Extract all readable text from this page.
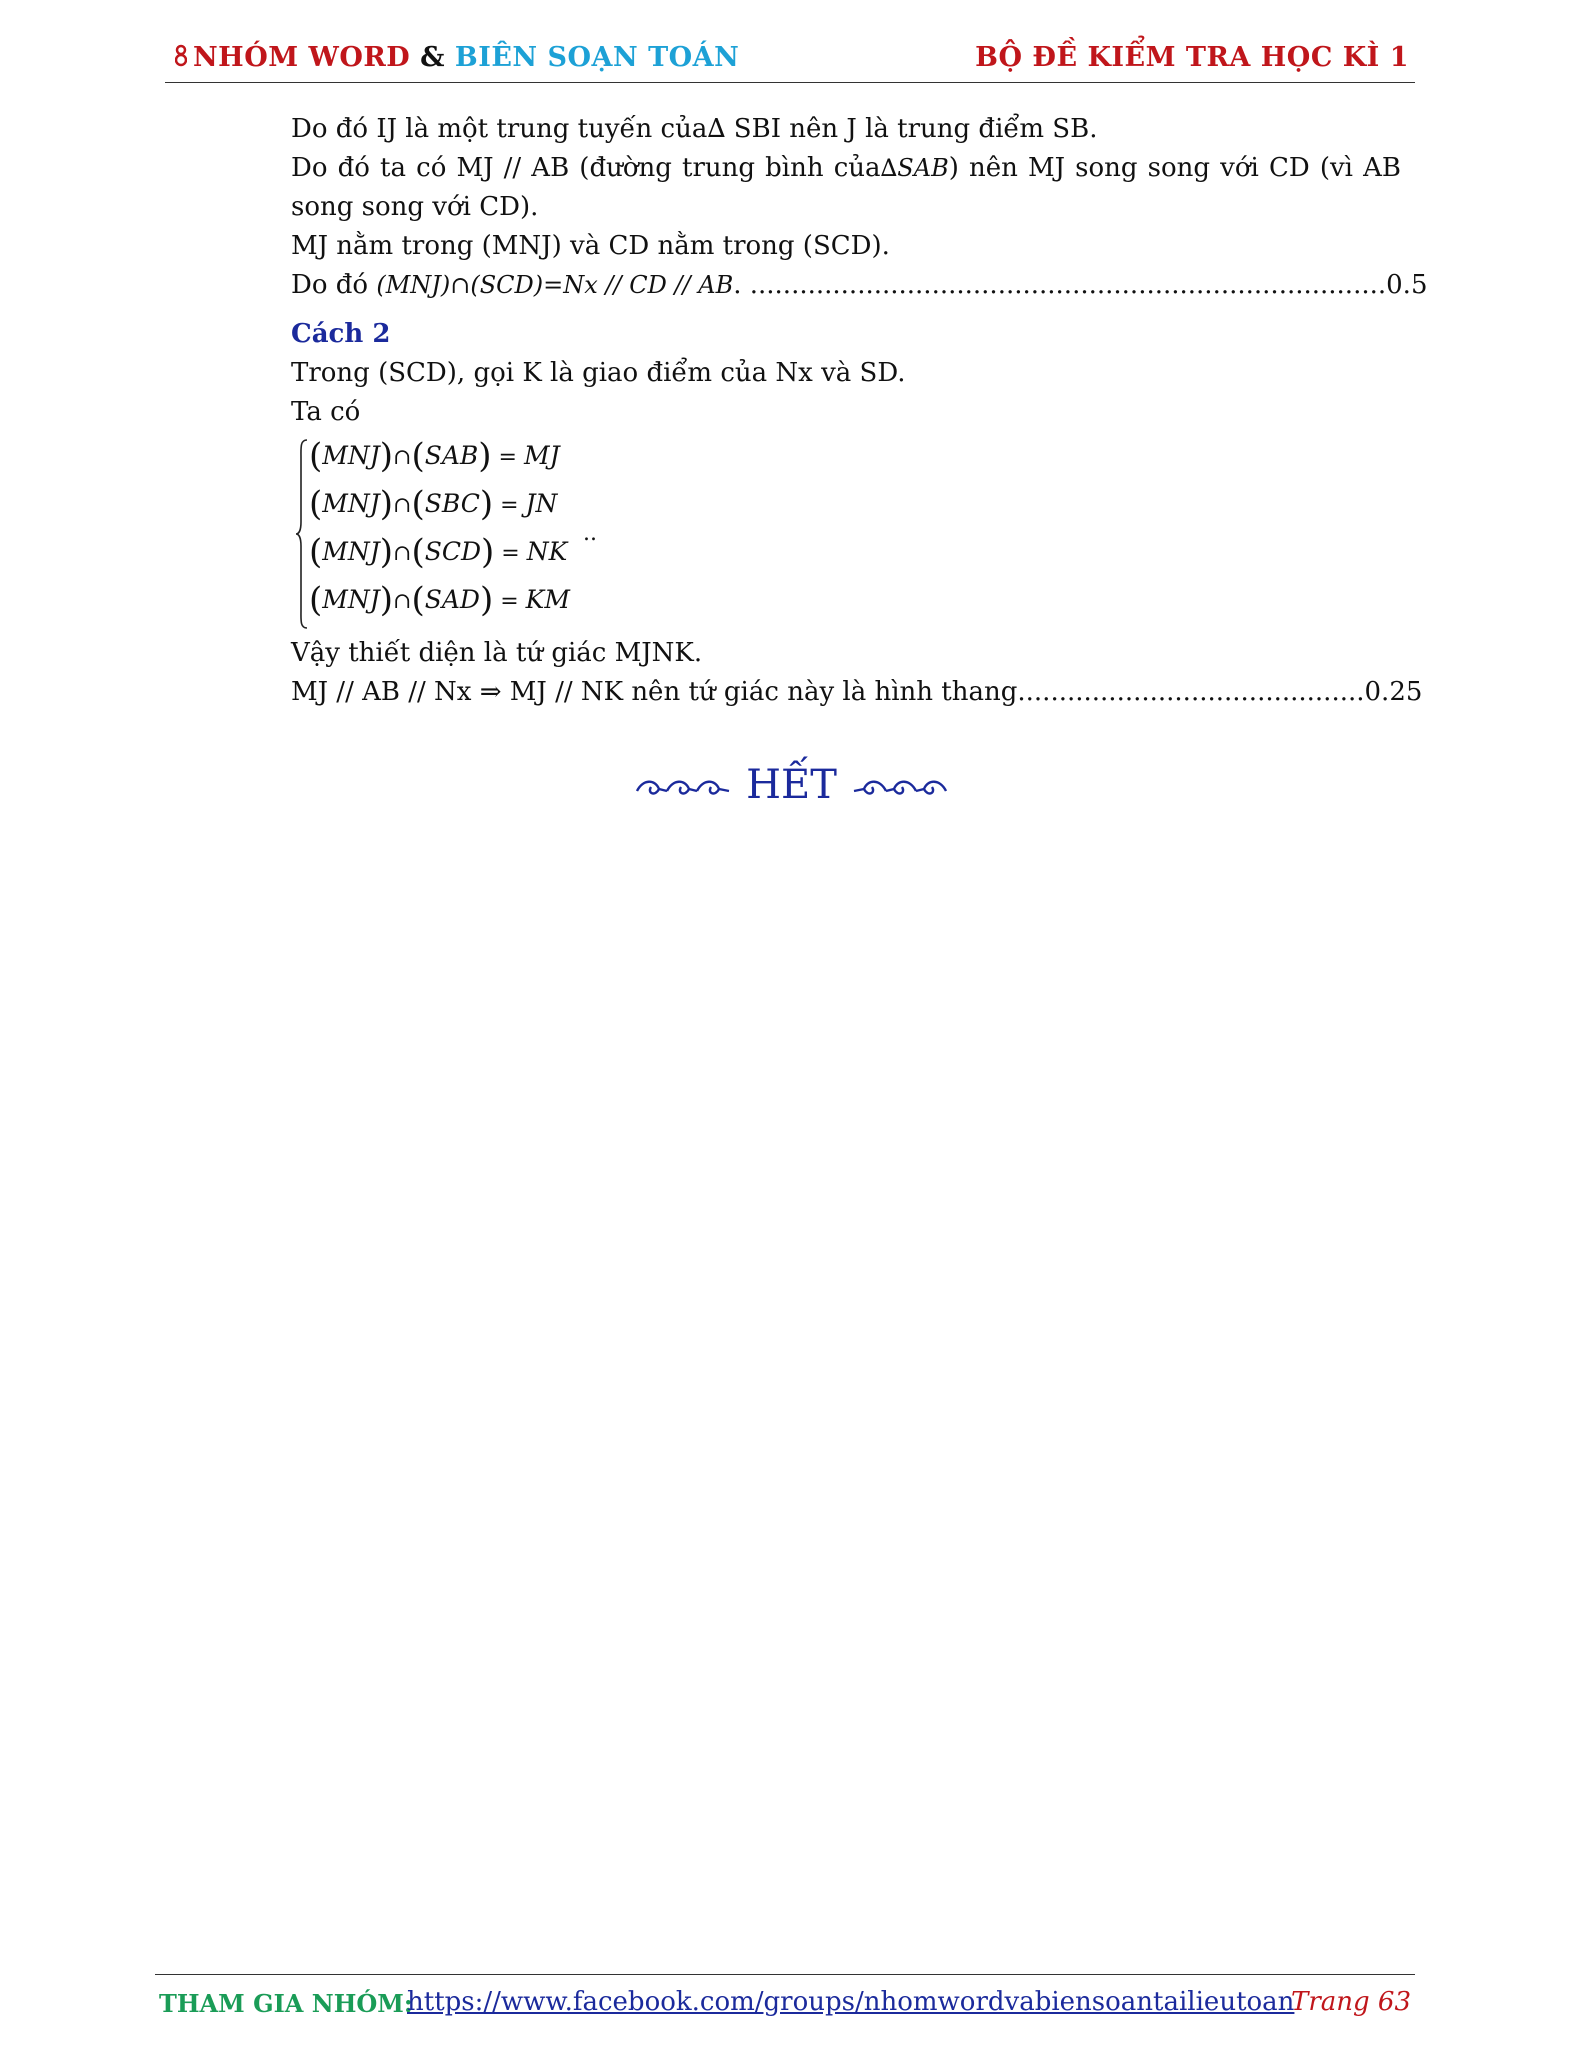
NHÓM WORD & BIÊN SOẠN TOÁN	BỘ ĐỀ KIỂM TRA HỌC KÌ 1

Do đó IJ là một trung tuyến của∆ SBI nên J là trung điểm SB.

Do đó ta có MJ // AB (đường trung bình của∆SAB) nên MJ song song với CD (vì AB

song song với CD).

MJ nằm trong (MNJ) và CD nằm trong (SCD).

Do đó (MNJ)∩(SCD)=Nx // CD // AB. .............................................................................0.5

Cách 2

Trong (SCD), gọi K là giao điểm của Nx và SD.

Ta có

(MNJ)∩(SAB) = MJ
(MNJ)∩(SBC) = JN
(MNJ)∩(SCD) = NK
(MNJ)∩(SAD) = KM
..

Vậy thiết diện là tứ giác MJNK.

MJ // AB // Nx ⇒ MJ // NK nên tứ giác này là hình thang..........................................0.25

HẾT
THAM GIA NHÓM:
https://www.facebook.com/groups/nhomwordvabiensoantailieutoan
Trang 63
